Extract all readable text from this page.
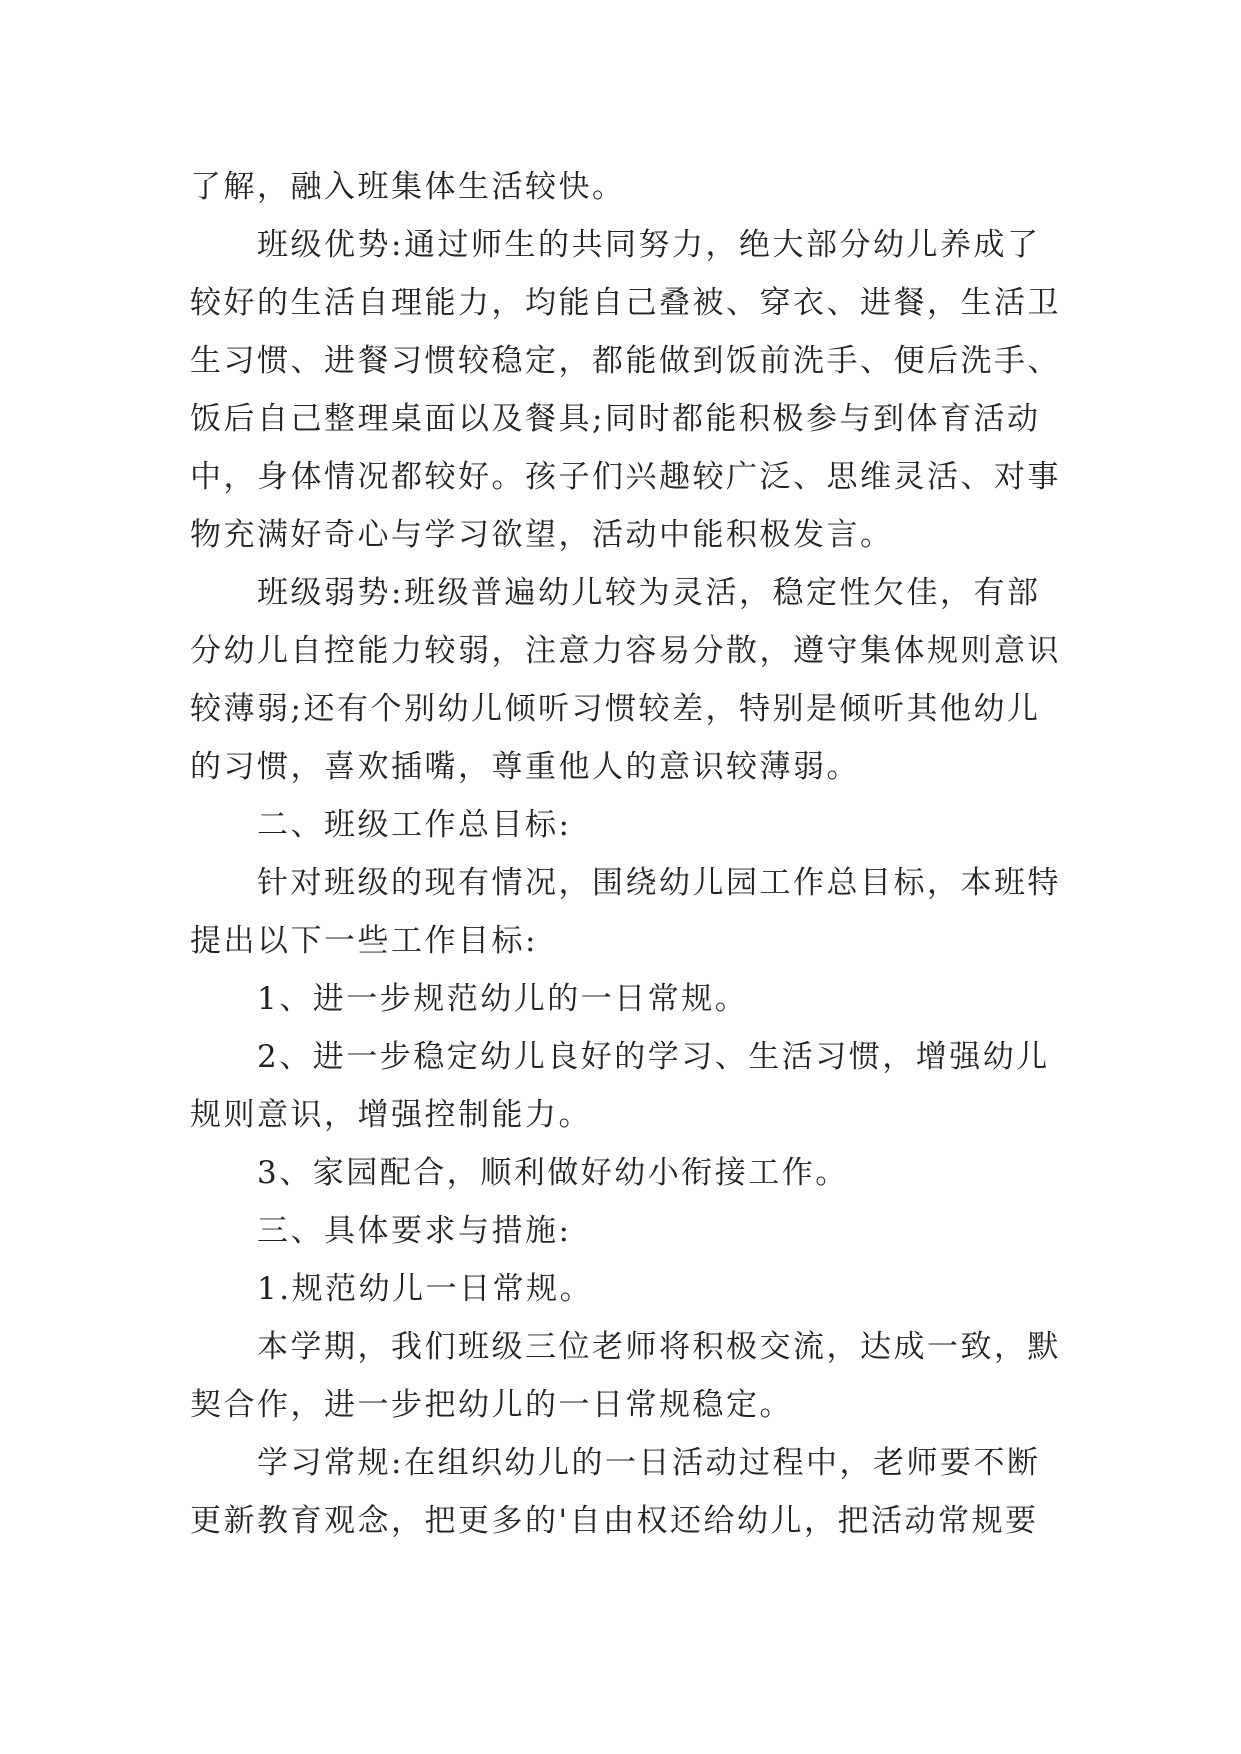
了解，融入班集体生活较快。
　　班级优势:通过师生的共同努力，绝大部分幼儿养成了
较好的生活自理能力，均能自己叠被、穿衣、进餐，生活卫
生习惯、进餐习惯较稳定，都能做到饭前洗手、便后洗手、
饭后自己整理桌面以及餐具;同时都能积极参与到体育活动
中，身体情况都较好。孩子们兴趣较广泛、思维灵活、对事
物充满好奇心与学习欲望，活动中能积极发言。
　　班级弱势:班级普遍幼儿较为灵活，稳定性欠佳，有部
分幼儿自控能力较弱，注意力容易分散，遵守集体规则意识
较薄弱;还有个别幼儿倾听习惯较差，特别是倾听其他幼儿
的习惯，喜欢插嘴，尊重他人的意识较薄弱。
　　二、班级工作总目标:
　　针对班级的现有情况，围绕幼儿园工作总目标，本班特
提出以下一些工作目标:
　　1、进一步规范幼儿的一日常规。
　　2、进一步稳定幼儿良好的学习、生活习惯，增强幼儿
规则意识，增强控制能力。
　　3、家园配合，顺利做好幼小衔接工作。
　　三、具体要求与措施:
　　1.规范幼儿一日常规。
　　本学期，我们班级三位老师将积极交流，达成一致，默
契合作，进一步把幼儿的一日常规稳定。
　　学习常规:在组织幼儿的一日活动过程中，老师要不断
更新教育观念，把更多的'自由权还给幼儿，把活动常规要
